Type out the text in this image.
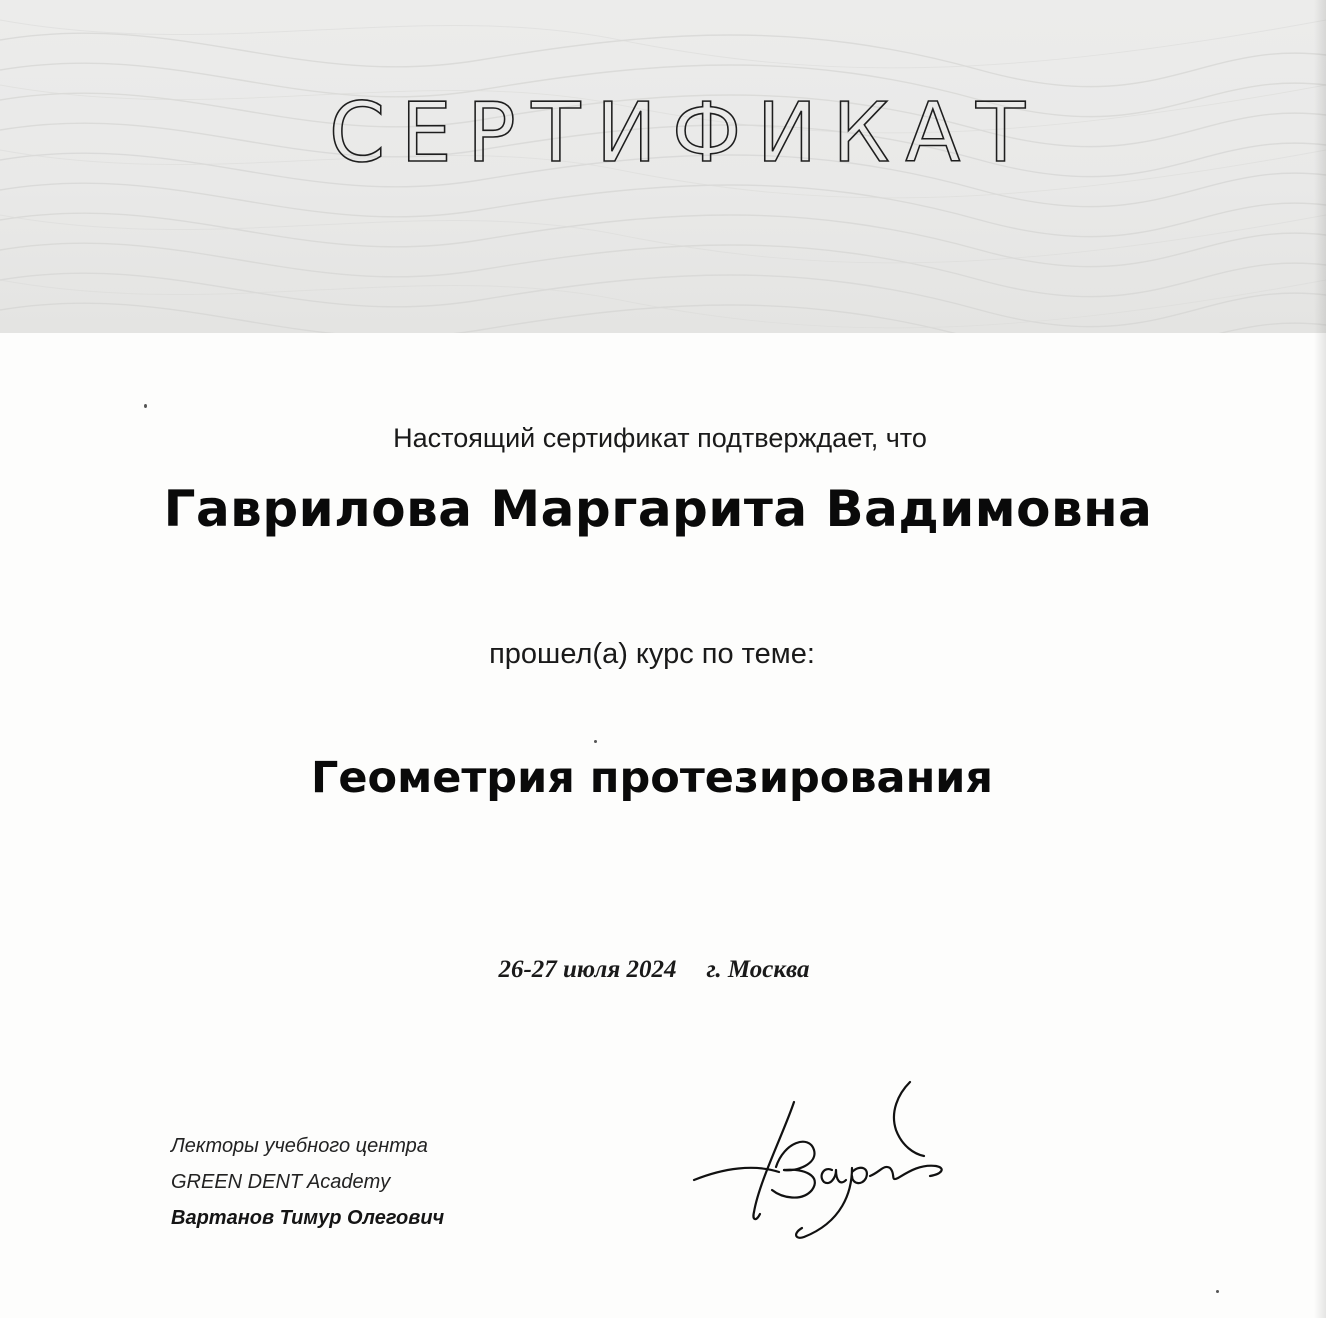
СЕРТИФИКАТ
Настоящий сертификат подтверждает, что
Гаврилова Маргарита Вадимовна
прошел(а) курс по теме:
Геометрия протезирования
26-27 июля 2024 г. Москва
Лекторы учебного центра
GREEN DENT Academy
Вартанов Тимур Олегович
